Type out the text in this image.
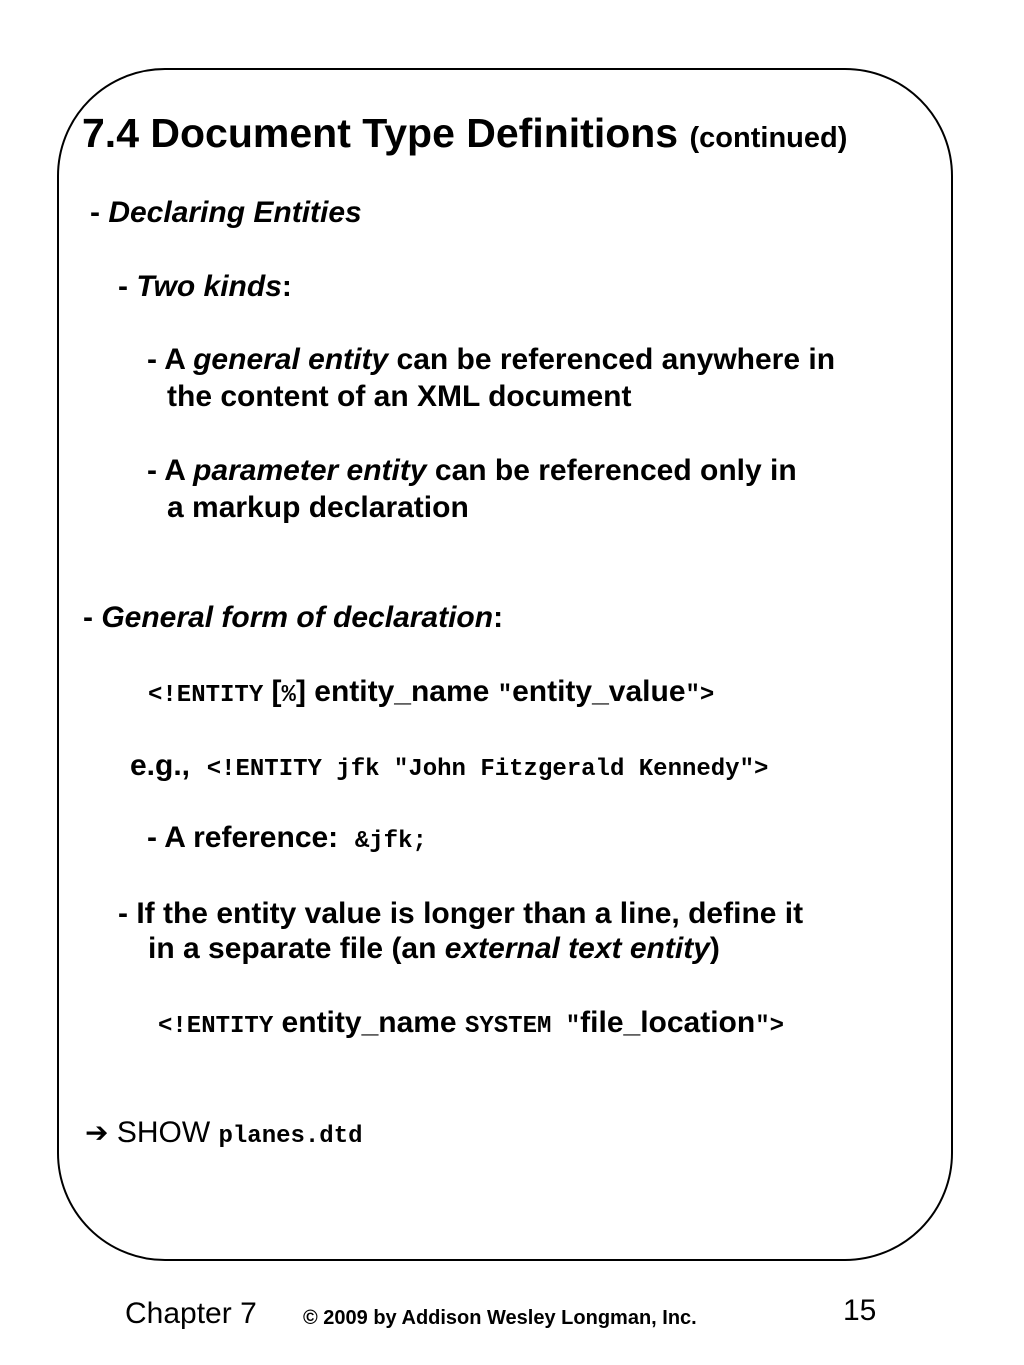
7.4 Document Type Definitions (continued)
- Declaring Entities
- Two kinds:
- A general entity can be referenced anywhere in
the content of an XML document
- A parameter entity can be referenced only in
a markup declaration
- General form of declaration:
<!ENTITY [%] entity_name "entity_value">
e.g., <!ENTITY jfk "John Fitzgerald Kennedy">
- A reference: &jfk;
- If the entity value is longer than a line, define it
in a separate file (an external text entity)
<!ENTITY entity_name SYSTEM "file_location">
➔ SHOW planes.dtd
Chapter 7 © 2009 by Addison Wesley Longman, Inc.	15
